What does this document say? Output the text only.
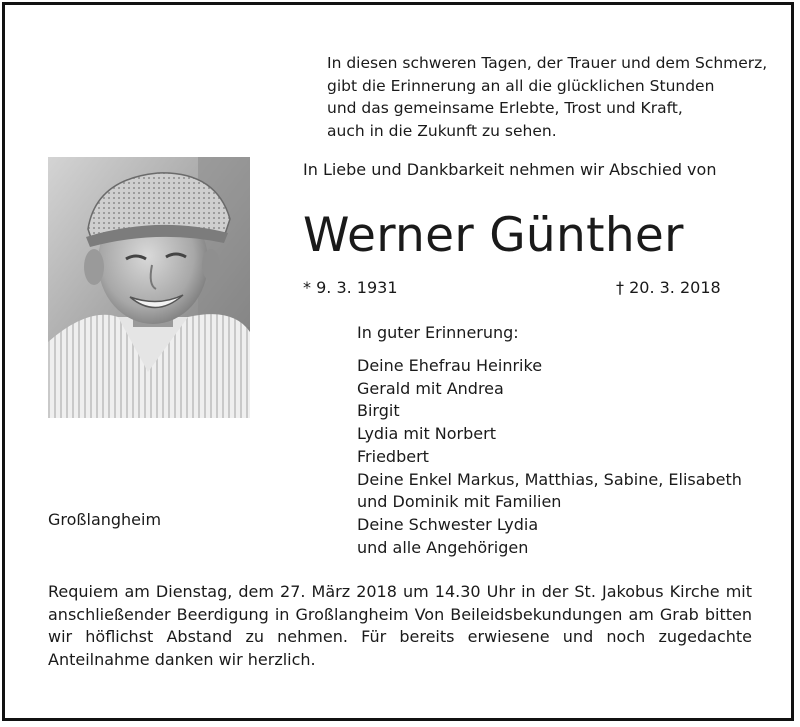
In diesen schweren Tagen, der Trauer und dem Schmerz,
gibt die Erinnerung an all die glücklichen Stunden
und das gemeinsame Erlebte, Trost und Kraft,
auch in die Zukunft zu sehen.
In Liebe und Dankbarkeit nehmen wir Abschied von
Werner Günther
* 9. 3. 1931	† 20. 3. 2018
In guter Erinnerung:
Deine Ehefrau Heinrike
Gerald mit Andrea
Birgit
Lydia mit Norbert
Friedbert
Deine Enkel Markus, Matthias, Sabine, Elisabeth
und Dominik mit Familien
Deine Schwester Lydia
und alle Angehörigen
Großlangheim

Requiem am Dienstag, dem 27. März 2018 um 14.30 Uhr in der St. Jakobus Kirche mit anschließender Beerdigung in Großlangheim Von Beileidsbekundungen am Grab bitten wir höflichst Abstand zu nehmen. Für bereits erwiesene und noch zugedachte Anteilnahme danken wir herzlich.
